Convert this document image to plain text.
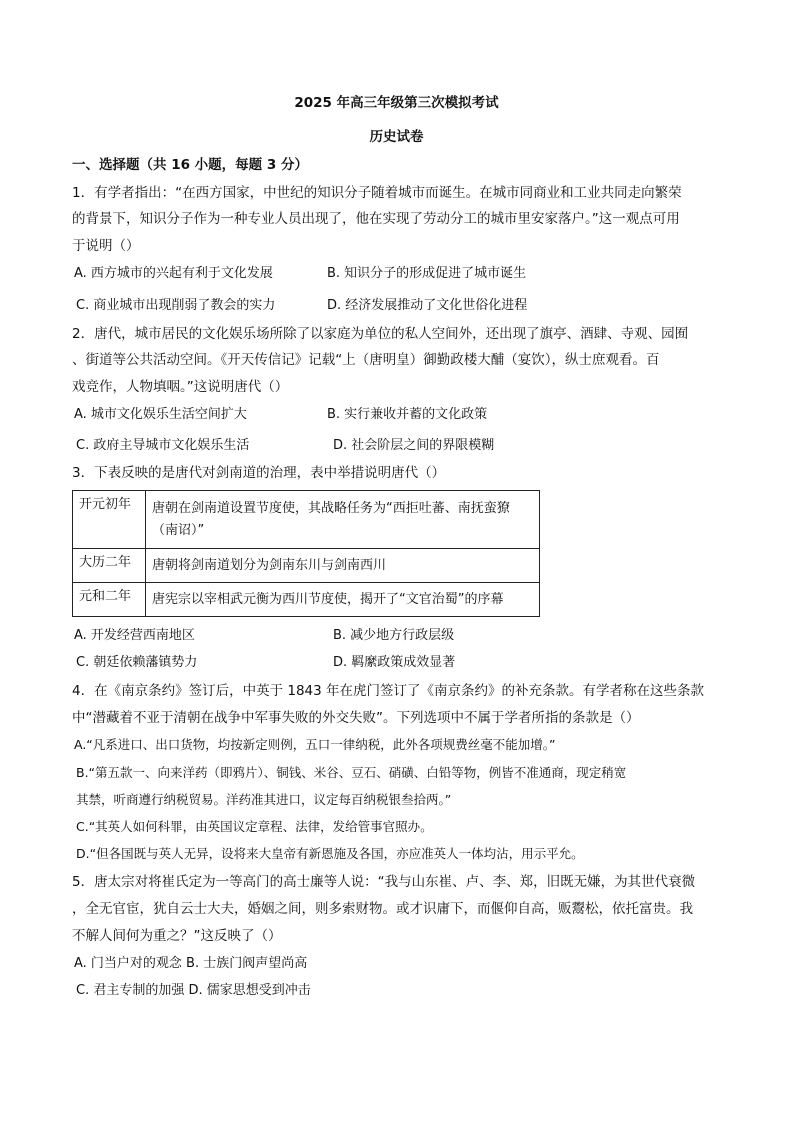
2025 年高三年级第三次模拟考试
历史试卷
一、选择题（共 16 小题，每题 3 分）
1．有学者指出：“在西方国家，中世纪的知识分子随着城市而诞生。在城市同商业和工业共同走向繁荣
的背景下，知识分子作为一种专业人员出现了，他在实现了劳动分工的城市里安家落户。”这一观点可用
于说明（）
A. 西方城市的兴起有利于文化发展	B. 知识分子的形成促进了城市诞生
C. 商业城市出现削弱了教会的实力	D. 经济发展推动了文化世俗化进程
2．唐代，城市居民的文化娱乐场所除了以家庭为单位的私人空间外，还出现了旗亭、酒肆、寺观、园囿
、街道等公共活动空间。《开天传信记》记载“上（唐明皇）御勤政楼大酺（宴饮），纵士庶观看。百
戏竞作，人物填咽。”这说明唐代（）
A. 城市文化娱乐生活空间扩大	B. 实行兼收并蓄的文化政策
C. 政府主导城市文化娱乐生活	D. 社会阶层之间的界限模糊
3．下表反映的是唐代对剑南道的治理，表中举措说明唐代（）
开元初年	唐朝在剑南道设置节度使，其战略任务为“西拒吐蕃、南抚蛮獠
（南诏）”

大历二年	唐朝将剑南道划分为剑南东川与剑南西川
元和二年	唐宪宗以宰相武元衡为西川节度使，揭开了“文官治蜀”的序幕
A. 开发经营西南地区	B. 减少地方行政层级
C. 朝廷依赖藩镇势力	D. 羁縻政策成效显著
4．在《南京条约》签订后，中英于 1843 年在虎门签订了《南京条约》的补充条款。有学者称在这些条款
中“潜藏着不亚于清朝在战争中军事失败的外交失败”。下列选项中不属于学者所指的条款是（）
A.“凡系进口、出口货物，均按新定则例，五口一律纳税，此外各项规费丝毫不能加增。”
B.“第五款一、向来洋药（即鸦片）、铜钱、米谷、豆石、硝磺、白铅等物，例皆不准通商，现定稍宽
其禁，听商遵行纳税贸易。洋药准其进口，议定每百纳税银叁拾两。”
C.“其英人如何科罪，由英国议定章程、法律，发给管事官照办。
D.“但各国既与英人无异，设将来大皇帝有新恩施及各国，亦应准英人一体均沾，用示平允。
5．唐太宗对将崔氏定为一等高门的高士廉等人说：“我与山东崔、卢、李、郑，旧既无嫌，为其世代衰微
，全无官宦，犹自云士大夫，婚姻之间，则多索财物。或才识庸下，而偃仰自高，贩鬻松，依托富贵。我
不解人间何为重之？”这反映了（）
A. 门当户对的观念 B. 士族门阀声望尚高
C. 君主专制的加强 D. 儒家思想受到冲击
